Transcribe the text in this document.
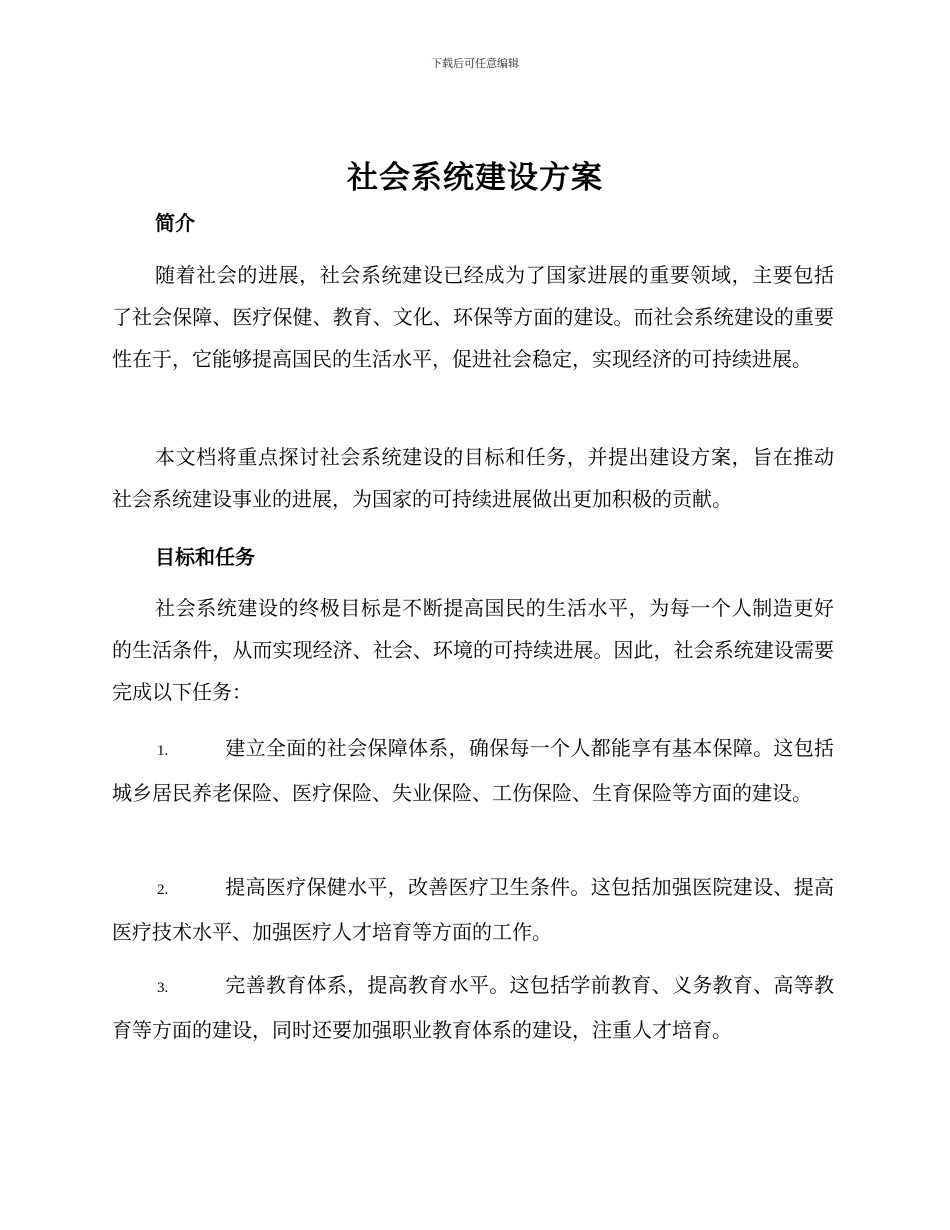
下载后可任意编辑
社会系统建设方案
简介

随着社会的进展，社会系统建设已经成为了国家进展的重要领域，主要包括了社会保障、医疗保健、教育、文化、环保等方面的建设。而社会系统建设的重要性在于，它能够提高国民的生活水平，促进社会稳定，实现经济的可持续进展。

本文档将重点探讨社会系统建设的目标和任务，并提出建设方案，旨在推动社会系统建设事业的进展，为国家的可持续进展做出更加积极的贡献。

目标和任务

社会系统建设的终极目标是不断提高国民的生活水平，为每一个人制造更好的生活条件，从而实现经济、社会、环境的可持续进展。因此，社会系统建设需要完成以下任务：

1.	建立全面的社会保障体系，确保每一个人都能享有基本保障。这包括城乡居民养老保险、医疗保险、失业保险、工伤保险、生育保险等方面的建设。

2.	提高医疗保健水平，改善医疗卫生条件。这包括加强医院建设、提高医疗技术水平、加强医疗人才培育等方面的工作。

3.	完善教育体系，提高教育水平。这包括学前教育、义务教育、高等教育等方面的建设，同时还要加强职业教育体系的建设，注重人才培育。
